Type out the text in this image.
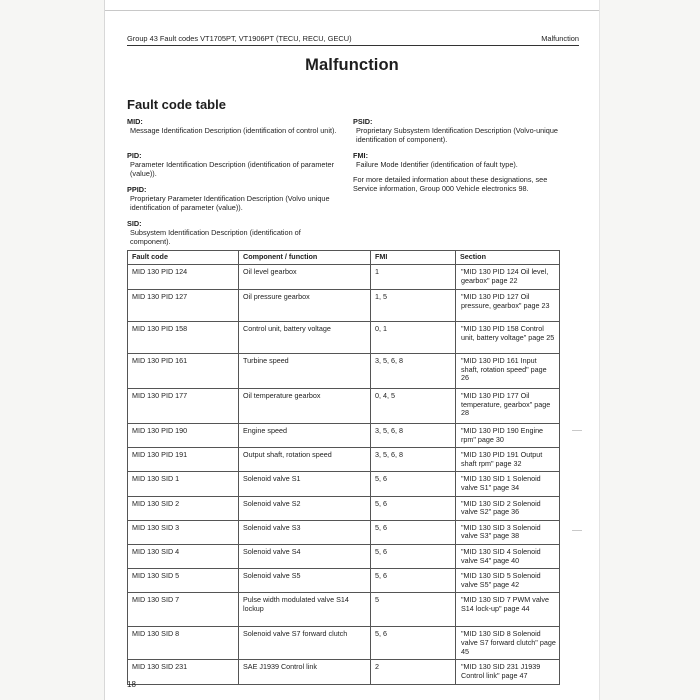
Group 43 Fault codes VT1705PT, VT1906PT (TECU, RECU, GECU)	Malfunction

Malfunction
Fault code table
MID:
Message Identification Description (identification of control unit).
PID:
Parameter Identification Description (identification of parameter (value)).
PPID:
Proprietary Parameter Identification Description (Volvo unique identification of parameter (value)).
SID:
Subsystem Identification Description (identification of component).
PSID:
Proprietary Subsystem Identification Description (Volvo-unique identification of component).
FMI:
Failure Mode Identifier (identification of fault type).
For more detailed information about these designations, see Service information, Group 000 Vehicle electronics 98.
Fault code	Component / function	FMI	Section
MID 130 PID 124	Oil level gearbox	1	"MID 130 PID 124 Oil level, gearbox" page 22
MID 130 PID 127	Oil pressure gearbox	1, 5	"MID 130 PID 127 Oil pressure, gearbox" page 23
MID 130 PID 158	Control unit, battery voltage	0, 1	"MID 130 PID 158 Control unit, battery voltage" page 25
MID 130 PID 161	Turbine speed	3, 5, 6, 8	"MID 130 PID 161 Input shaft, rotation speed" page 26
MID 130 PID 177	Oil temperature gearbox	0, 4, 5	"MID 130 PID 177 Oil temperature, gearbox" page 28
MID 130 PID 190	Engine speed	3, 5, 6, 8	"MID 130 PID 190 Engine rpm" page 30
MID 130 PID 191	Output shaft, rotation speed	3, 5, 6, 8	"MID 130 PID 191 Output shaft rpm" page 32
MID 130 SID 1	Solenoid valve S1	5, 6	"MID 130 SID 1 Solenoid valve S1" page 34
MID 130 SID 2	Solenoid valve S2	5, 6	"MID 130 SID 2 Solenoid valve S2" page 36
MID 130 SID 3	Solenoid valve S3	5, 6	"MID 130 SID 3 Solenoid valve S3" page 38
MID 130 SID 4	Solenoid valve S4	5, 6	"MID 130 SID 4 Solenoid valve S4" page 40
MID 130 SID 5	Solenoid valve S5	5, 6	"MID 130 SID 5 Solenoid valve S5" page 42
MID 130 SID 7	Pulse width modulated valve S14 lockup	5	"MID 130 SID 7 PWM valve S14 lock-up" page 44
MID 130 SID 8	Solenoid valve S7 forward clutch	5, 6	"MID 130 SID 8 Solenoid valve S7 forward clutch" page 45
MID 130 SID 231	SAE J1939 Control link	2	"MID 130 SID 231 J1939 Control link" page 47
18
